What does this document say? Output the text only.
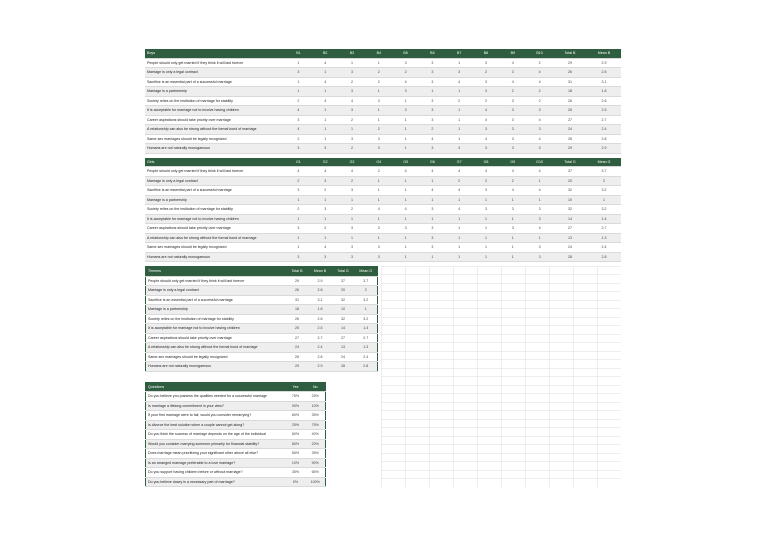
Boys	B1	B2	B3	B4	B5	B6	B7	B8	B9	B10	Total B	Mean B
People should only get married if they think it will last forever	1	4	1	1	3	3	1	3	4	2	29	2.9
Marriage is only a legal contract	3	1	3	2	2	3	3	2	3	4	26	2.6
Sacrifice is an essential part of a successful marriage	1	4	2	2	4	3	4	3	4	4	31	3.1
Marriage is a partnership	1	1	3	1	3	1	1	3	2	2	18	1.8
Society relies on the institution of marriage for stability	2	4	4	3	1	3	2	2	3	2	26	2.6
It is acceptable for marriage not to involve having children	4	1	3	1	3	3	1	4	3	3	25	2.5
Career aspirations should take priority over marriage	3	1	2	1	1	3	1	4	3	4	27	2.7
A relationship can also be strong without the formal bond of marriage	4	1	1	2	1	2	1	3	3	3	24	2.4
Same-sex marriages should be legally recognized	2	1	3	3	1	4	1	4	3	4	28	2.8
Humans are not naturally monogamous	3	3	2	3	1	3	3	3	3	3	29	2.9
Girls	G1	G2	G3	G4	G5	G6	G7	G8	G9	G10	Total G	Mean G
People should only get married if they think it will last forever	4	4	4	2	4	4	4	4	4	4	37	3.7
Marriage is only a legal contract	2	3	2	1	1	1	2	2	2	1	20	2
Sacrifice is an essential part of a successful marriage	3	2	3	1	1	4	4	3	4	4	32	3.2
Marriage is a partnership	1	1	1	1	1	1	1	1	1	1	10	1
Society relies on the institution of marriage for stability	2	3	2	4	4	3	4	3	3	3	32	3.2
It is acceptable for marriage not to involve having children	1	1	1	1	1	1	1	1	1	3	14	1.4
Career aspirations should take priority over marriage	3	2	3	3	3	3	1	1	3	4	27	2.7
A relationship can also be strong without the formal bond of marriage	1	1	1	1	1	3	1	1	1	1	13	1.3
Same-sex marriages should be legally recognized	1	4	3	3	1	3	1	1	1	3	24	2.4
Humans are not naturally monogamous	3	3	3	3	1	1	1	1	1	3	28	2.8
Themes	Total B	Mean B	Total G	Mean G
People should only get married if they think it will last forever	29	2.9	37	3.7
Marriage is only a legal contract	26	2.6	20	2
Sacrifice is an essential part of a successful marriage	31	3.1	32	3.2
Marriage is a partnership	18	1.8	10	1
Society relies on the institution of marriage for stability	26	2.6	32	3.2
It is acceptable for marriage not to involve having children	25	2.5	14	1.4
Career aspirations should take priority over marriage	27	2.7	27	2.7
A relationship can also be strong without the formal bond of marriage	24	2.4	13	1.3
Same-sex marriages should be legally recognized	28	2.8	24	2.4
Humans are not naturally monogamous	29	2.9	28	2.8
Questions	Yes	No
Do you believe you possess the qualities needed for a successful marriage	75%	25%
Is marriage a lifelong commitment in your view?	90%	10%
If your first marriage were to fail, would you consider remarrying?	60%	35%
Is divorce the best solution when a couple cannot get along?	25%	75%
Do you think the success of marriage depends on the age of the individual	60%	40%
Would you consider marrying someone primarily for financial stability?	80%	20%
Does marriage mean prioritizing your significant other above all else?	65%	35%
Is an arranged marriage preferable to a love marriage?	10%	90%
Do you support having children before or without marriage?	35%	65%
Do you believe dowry is a necessary part of marriage?	0%	100%
